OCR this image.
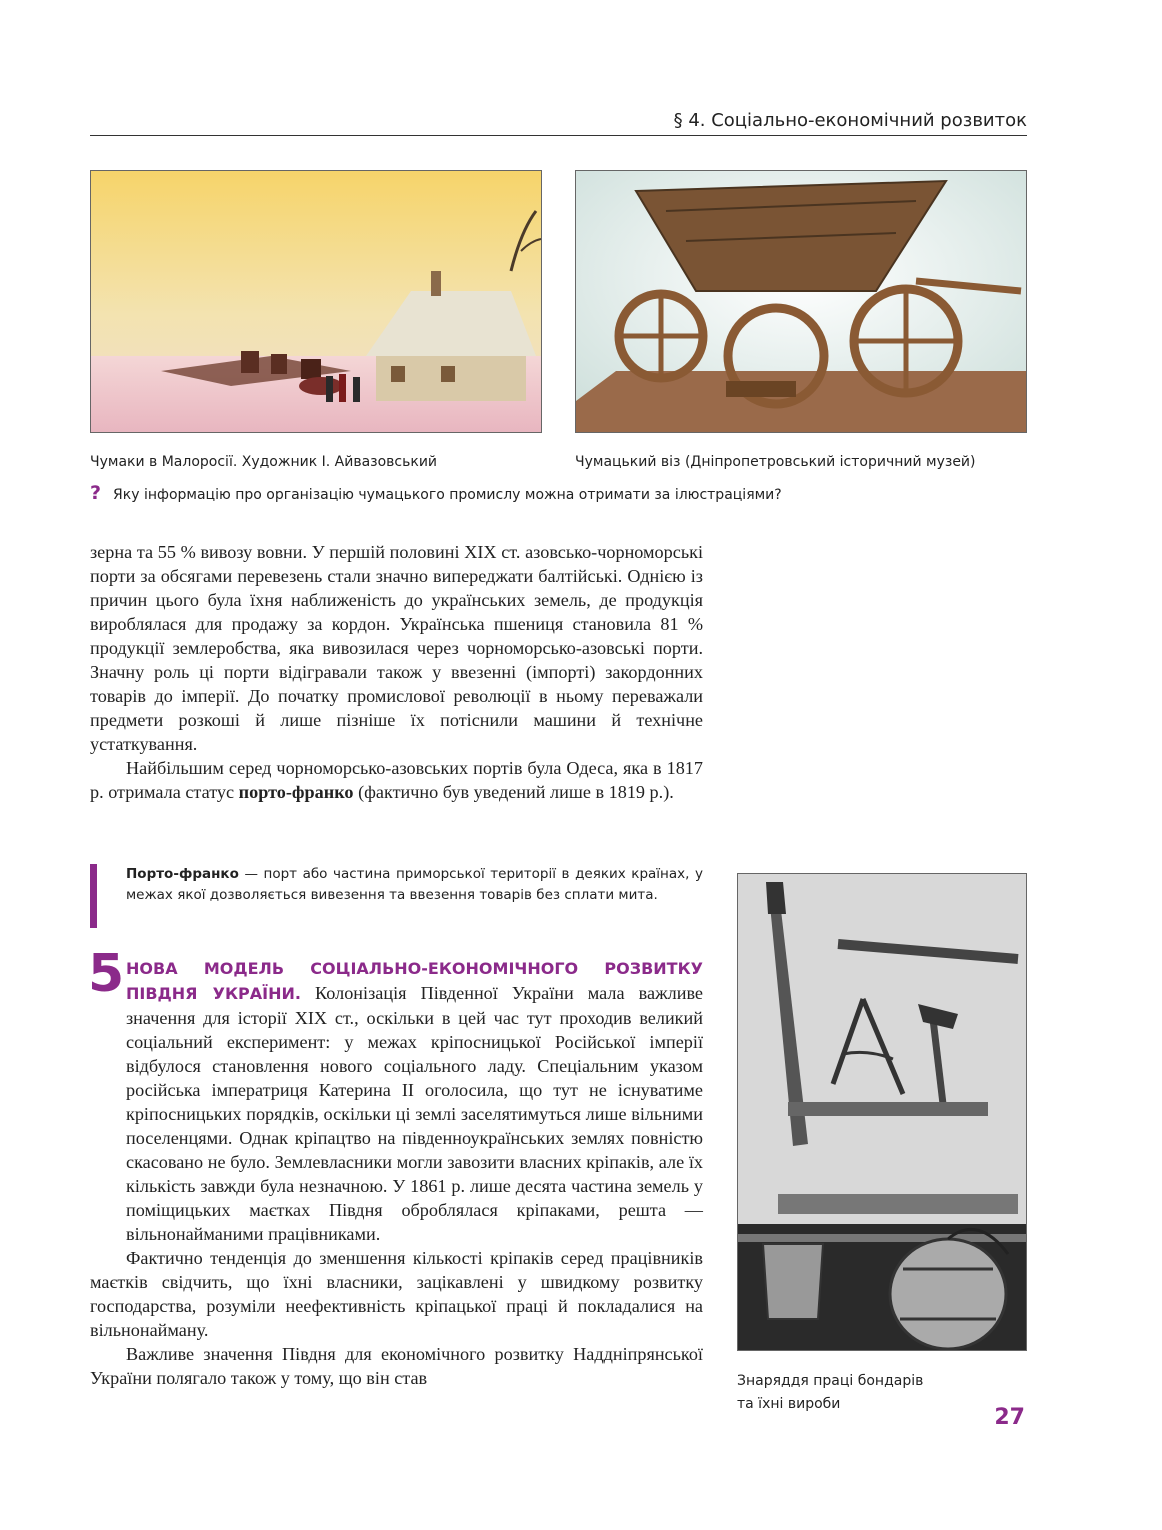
§ 4. Соціально-економічний розвиток
Чумаки в Малоросії. Художник І. Айвазовський	Чумацький віз (Дніпропетровський історичний музей)
? Яку інформацію про організацію чумацького промислу можна отримати за ілюстраціями?

зерна та 55 % вивозу вовни. У першій половині XIX ст. азовсько-чорноморські порти за обсягами перевезень стали значно випереджати балтійські. Однією із причин цього була їхня наближеність до українських земель, де продукція вироблялася для продажу за кордон. Українська пшениця становила 81 % продукції землеробства, яка вивозилася через чорноморсько-азовські порти. Значну роль ці порти відігравали також у ввезенні (імпорті) закордонних товарів до імперії. До початку промислової революції в ньому переважали предмети розкоші й лише пізніше їх потіснили машини й технічне устаткування.

Найбільшим серед чорноморсько-азовських портів була Одеса, яка в 1817 р. отримала статус порто-франко (фактично був уведений лише в 1819 р.).

Порто-франко — порт або частина приморської території в деяких країнах, у межах якої дозволяється вивезення та ввезення товарів без сплати мита.
5 НОВА МОДЕЛЬ СОЦІАЛЬНО-ЕКОНОМІЧНОГО РОЗВИТКУ ПІВДНЯ УКРАЇНИ. Колонізація Південної України мала важливе значення для історії XIX ст., оскільки в цей час тут проходив великий соціальний експеримент: у межах кріпосницької Російської імперії відбулося становлення нового соціального ладу. Спеціальним указом російська імператриця Катерина II оголосила, що тут не існуватиме кріпосницьких порядків, оскільки ці землі заселятимуться лише вільними поселенцями. Однак кріпацтво на південноукраїнських землях повністю скасовано не було. Землевласники могли завозити власних кріпаків, але їх кількість завжди була незначною. У 1861 р. лише десята частина земель у поміщицьких маєтках Півдня оброблялася кріпаками, решта — вільнонайманими працівниками.

Фактично тенденція до зменшення кількості кріпаків серед працівників маєтків свідчить, що їхні власники, зацікавлені у швидкому розвитку господарства, розуміли неефективність кріпацької праці й покладалися на вільнонайману.

Важливе значення Півдня для економічного розвитку Наддніпрянської України полягало також у тому, що він став	Знаряддя праці бондарів
та їхні вироби
27
